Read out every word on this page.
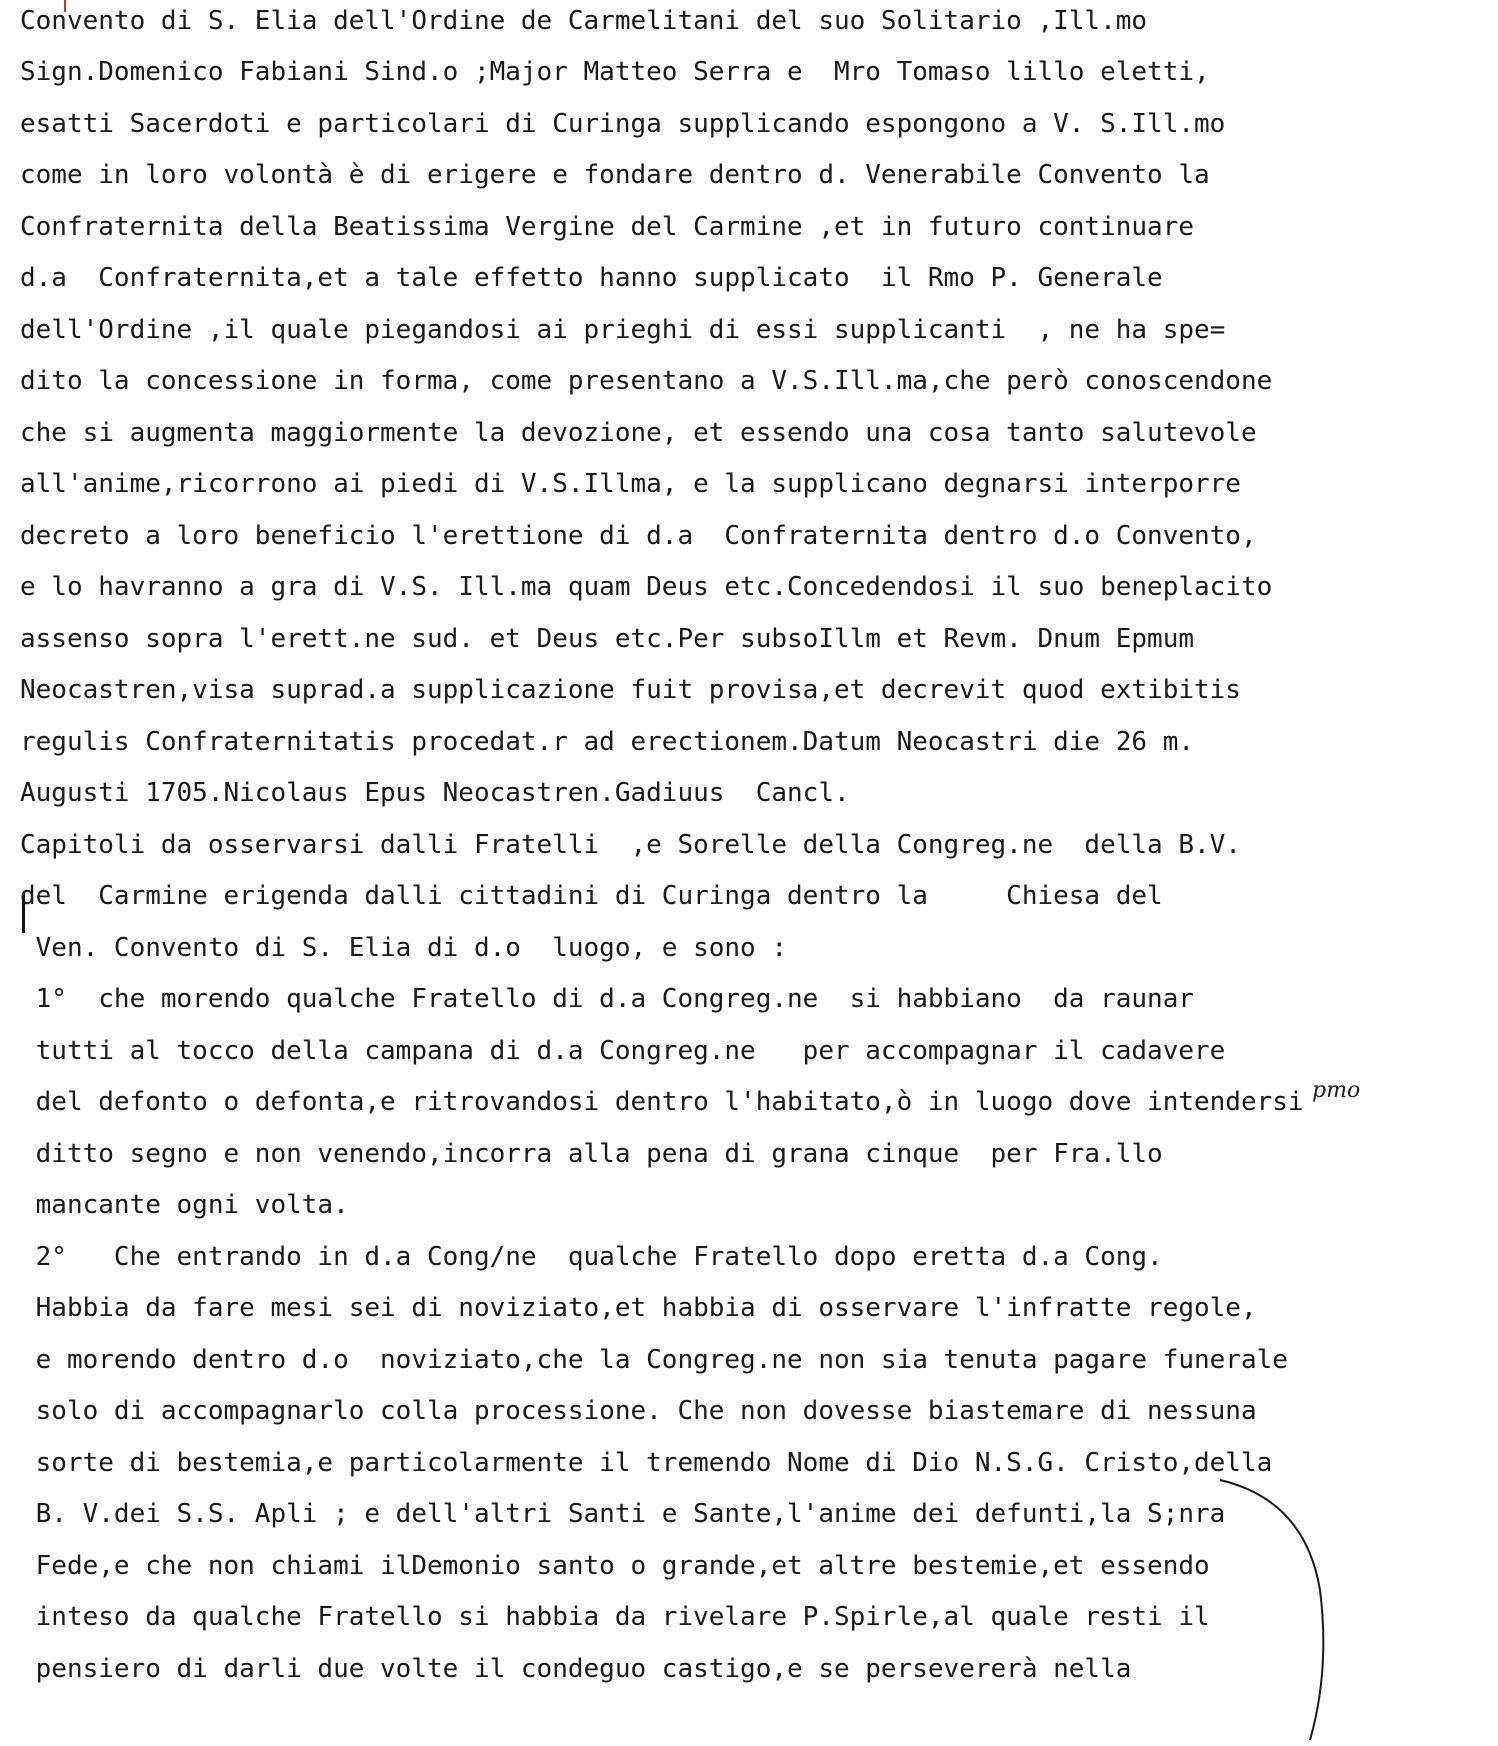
Convento di S. Elia dell'Ordine de Carmelitani del suo Solitario ,Ill.mo
Sign.Domenico Fabiani Sind.o ;Major Matteo Serra e  Mro Tomaso lillo eletti,
esatti Sacerdoti e particolari di Curinga supplicando espongono a V. S.Ill.mo
come in loro volontà è di erigere e fondare dentro d. Venerabile Convento la
Confraternita della Beatissima Vergine del Carmine ,et in futuro continuare
d.a  Confraternita,et a tale effetto hanno supplicato  il Rmo P. Generale
dell'Ordine ,il quale piegandosi ai prieghi di essi supplicanti  , ne ha spe=
dito la concessione in forma, come presentano a V.S.Ill.ma,che però conoscendone
che si augmenta maggiormente la devozione, et essendo una cosa tanto salutevole
all'anime,ricorrono ai piedi di V.S.Illma, e la supplicano degnarsi interporre
decreto a loro beneficio l'erettione di d.a  Confraternita dentro d.o Convento,
e lo havranno a gra di V.S. Ill.ma quam Deus etc.Concedendosi il suo beneplacito
assenso sopra l'erett.ne sud. et Deus etc.Per subsoIllm et Revm. Dnum Epmum
Neocastren,visa suprad.a supplicazione fuit provisa,et decrevit quod extibitis
regulis Confraternitatis procedat.r ad erectionem.Datum Neocastri die 26 m.
Augusti 1705.Nicolaus Epus Neocastren.Gadiuus  Cancl.
Capitoli da osservarsi dalli Fratelli  ,e Sorelle della Congreg.ne  della B.V.
del  Carmine erigenda dalli cittadini di Curinga dentro la     Chiesa del
Ven. Convento di S. Elia di d.o  luogo, e sono :
1°  che morendo qualche Fratello di d.a Congreg.ne  si habbiano  da raunar
tutti al tocco della campana di d.a Congreg.ne   per accompagnar il cadavere
del defonto o defonta,e ritrovandosi dentro l'habitato,ò in luogo dove intendersi
ditto segno e non venendo,incorra alla pena di grana cinque  per Fra.llo
mancante ogni volta.
2°   Che entrando in d.a Cong/ne  qualche Fratello dopo eretta d.a Cong.
Habbia da fare mesi sei di noviziato,et habbia di osservare l'infratte regole,
e morendo dentro d.o  noviziato,che la Congreg.ne non sia tenuta pagare funerale
solo di accompagnarlo colla processione. Che non dovesse biastemare di nessuna
sorte di bestemia,e particolarmente il tremendo Nome di Dio N.S.G. Cristo,della
B. V.dei S.S. Apli ; e dell'altri Santi e Sante,l'anime dei defunti,la S;nra
Fede,e che non chiami ilDemonio santo o grande,et altre bestemie,et essendo
inteso da qualche Fratello si habbia da rivelare P.Spirle,al quale resti il
pensiero di darli due volte il condeguo castigo,e se persevererà nella
pmo
